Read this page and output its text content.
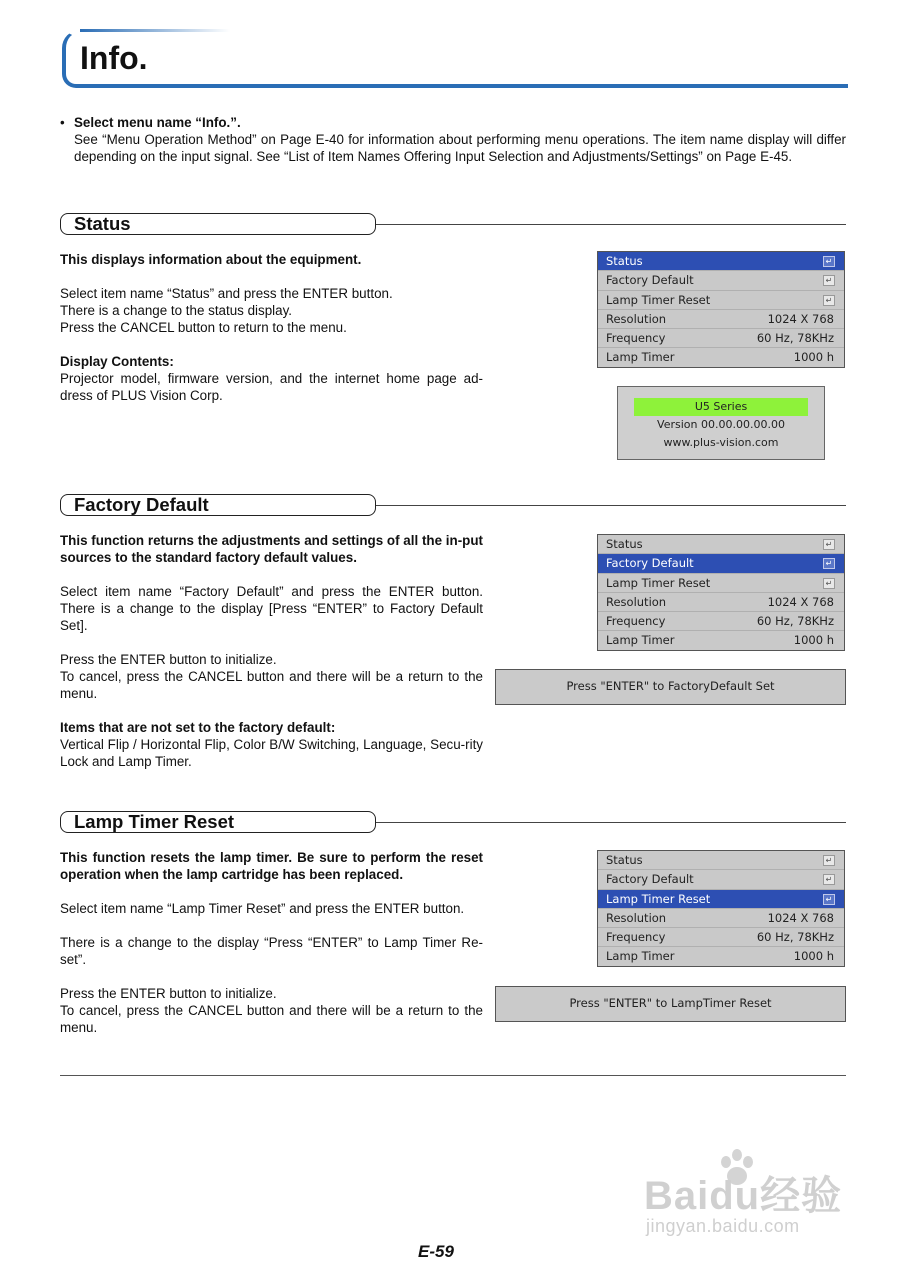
Info.
• Select menu name “Info.”.

See “Menu Operation Method” on Page E-40 for information about performing menu operations. The item name display will differ depending on the input signal. See “List of Item Names Offering Input Selection and Adjustments/Settings” on Page E-45.

Status

This displays information about the equipment.

Select item name “Status” and press the ENTER button.

There is a change to the status display.

Press the CANCEL button to return to the menu.

Display Contents:

Projector model, firmware version, and the internet home page ad-dress of PLUS Vision Corp.

Status	↵
Factory Default	↵
Lamp Timer Reset	↵
Resolution	1024 X 768
Frequency	60 Hz, 78KHz
Lamp Timer	1000 h
U5 Series
Version 00.00.00.00.00
www.plus-vision.com
Factory Default

This function returns the adjustments and settings of all the in-put sources to the standard factory default values.

Select item name “Factory Default” and press the ENTER button. There is a change to the display [Press “ENTER” to Factory Default Set].

Press the ENTER button to initialize.

To cancel, press the CANCEL button and there will be a return to the menu.

Items that are not set to the factory default:

Vertical Flip / Horizontal Flip, Color B/W Switching, Language, Secu-rity Lock and Lamp Timer.

Status	↵
Factory Default	↵
Lamp Timer Reset	↵
Resolution	1024 X 768
Frequency	60 Hz, 78KHz
Lamp Timer	1000 h
Press "ENTER" to FactoryDefault Set
Lamp Timer Reset

This function resets the lamp timer. Be sure to perform the reset operation when the lamp cartridge has been replaced.

Select item name “Lamp Timer Reset” and press the ENTER button.

There is a change to the display “Press “ENTER” to Lamp Timer Re-set”.

Press the ENTER button to initialize.

To cancel, press the CANCEL button and there will be a return to the menu.

Status	↵
Factory Default	↵
Lamp Timer Reset	↵
Resolution	1024 X 768
Frequency	60 Hz, 78KHz
Lamp Timer	1000 h
Press "ENTER" to LampTimer Reset
Baidu经验
jingyan.baidu.com
E-59
